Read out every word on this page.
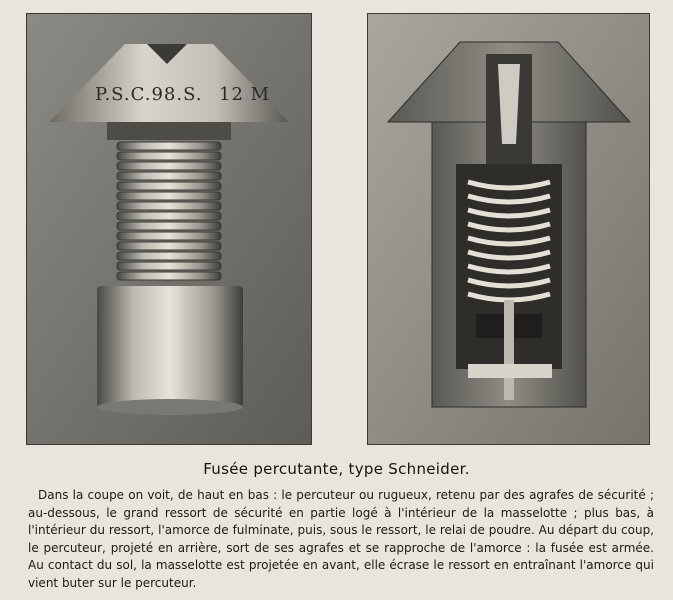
P.S.C.98.S. 12 M
Fusée percutante, type Schneider.

Dans la coupe on voit, de haut en bas : le percuteur ou rugueux, retenu par des agrafes de sécurité ; au-dessous, le grand ressort de sécurité en partie logé à l'intérieur de la masselotte ; plus bas, à l'intérieur du ressort, l'amorce de fulminate, puis, sous le ressort, le relai de poudre. Au départ du coup, le percuteur, projeté en arrière, sort de ses agrafes et se rapproche de l'amorce : la fusée est armée. Au contact du sol, la masselotte est projetée en avant, elle écrase le ressort en entraînant l'amorce qui vient buter sur le percuteur.
